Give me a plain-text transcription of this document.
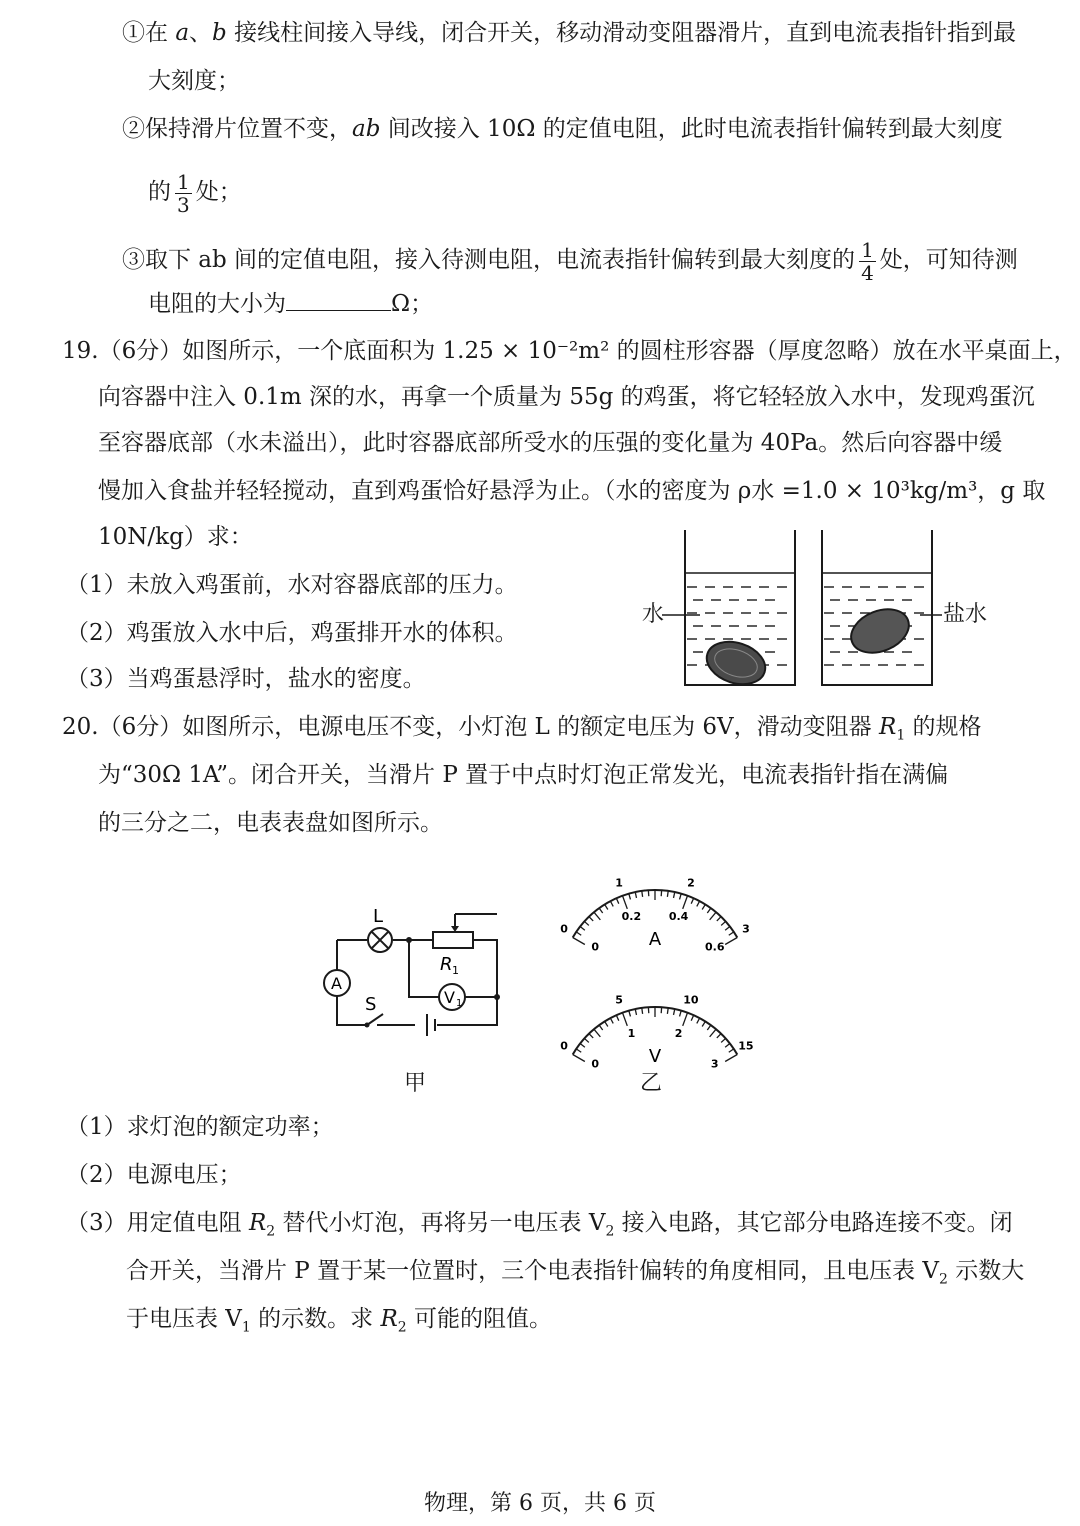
①在 a、b 接线柱间接入导线，闭合开关，移动滑动变阻器滑片，直到电流表指针指到最
大刻度；
②保持滑片位置不变，ab 间改接入 10Ω 的定值电阻，此时电流表指针偏转到最大刻度
的 $\frac{1}{3}$ 处；
③取下 ab 间的定值电阻，接入待测电阻，电流表指针偏转到最大刻度的 $\frac{1}{4}$ 处，可知待测
电阻的大小为	Ω；
19.（6分）如图所示，一个底面积为 1.25 × 10⁻²m² 的圆柱形容器（厚度忽略）放在水平桌面上，
向容器中注入 0.1m 深的水，再拿一个质量为 55g 的鸡蛋，将它轻轻放入水中，发现鸡蛋沉
至容器底部（水未溢出），此时容器底部所受水的压强的变化量为 40Pa。然后向容器中缓
慢加入食盐并轻轻搅动，直到鸡蛋恰好悬浮为止。（水的密度为 ρ水 =1.0 × 10³kg/m³，g 取
10N/kg）求：
（1）未放入鸡蛋前，水对容器底部的压力。
（2）鸡蛋放入水中后，鸡蛋排开水的体积。
（3）当鸡蛋悬浮时，盐水的密度。
水	盐水
20.（6分）如图所示，电源电压不变，小灯泡 L 的额定电压为 6V，滑动变阻器 $R_1$ 的规格
为“30Ω 1A”。闭合开关，当滑片 P 置于中点时灯泡正常发光，电流表指针指在满偏
的三分之二，电表表盘如图所示。
L
R 1
A
V 1
S
甲
0
1	2
3
0
0.2	0.4
0.6
A
0
5	10
15
0
1	2
3
V
乙
（1）求灯泡的额定功率；
（2）电源电压；
（3）用定值电阻 $R_2$ 替代小灯泡，再将另一电压表 $V_2$ 接入电路，其它部分电路连接不变。闭
合开关，当滑片 P 置于某一位置时，三个电表指针偏转的角度相同，且电压表 $V_2$ 示数大
于电压表 $V_1$ 的示数。求 $R_2$ 可能的阻值。
物理，第 6 页，共 6 页
